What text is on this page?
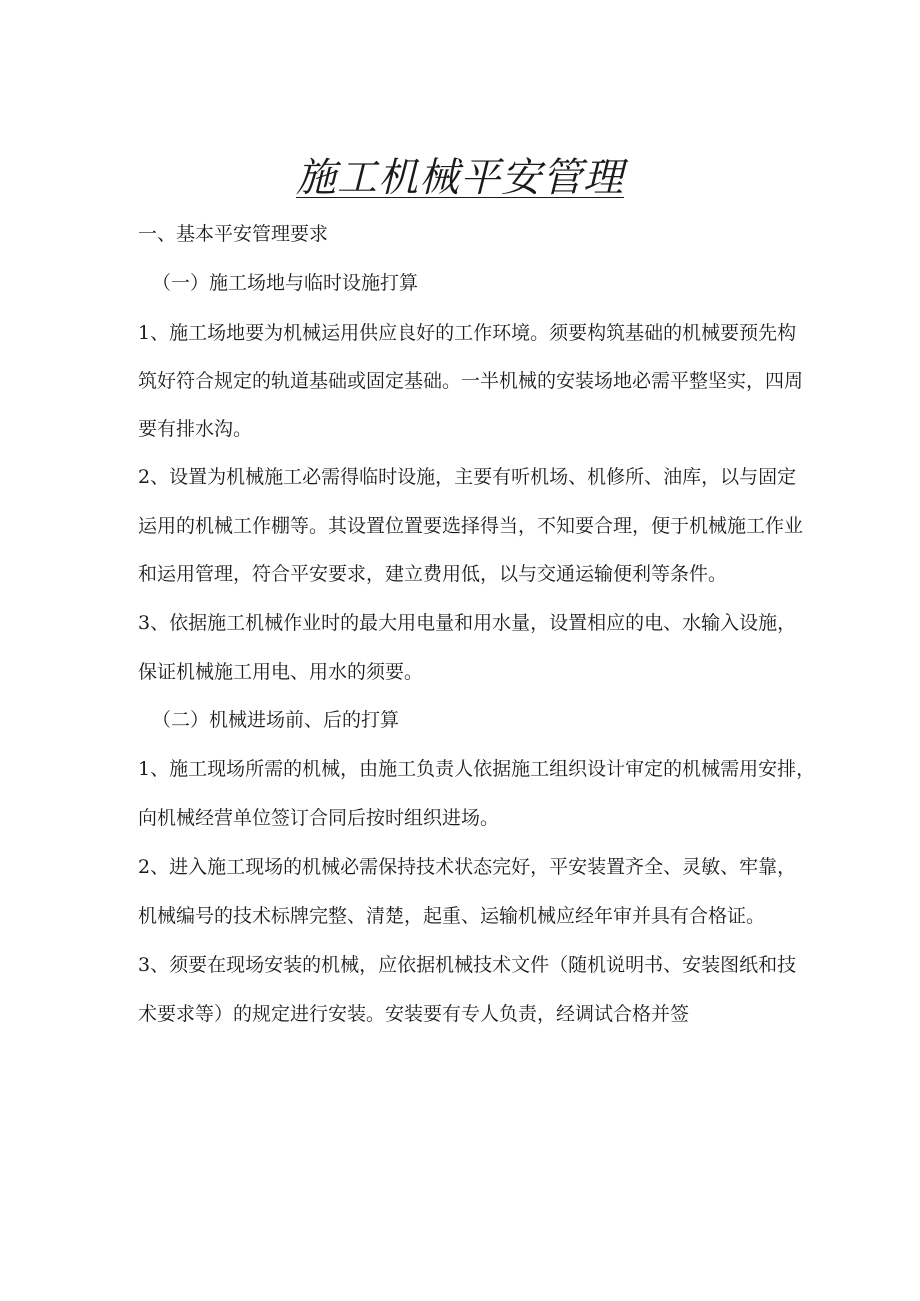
施工机械平安管理
一、基本平安管理要求
（一）施工场地与临时设施打算
1、施工场地要为机械运用供应良好的工作环境。须要构筑基础的机械要预先构
筑好符合规定的轨道基础或固定基础。一半机械的安装场地必需平整坚实，四周
要有排水沟。
2、设置为机械施工必需得临时设施，主要有听机场、机修所、油库，以与固定
运用的机械工作棚等。其设置位置要选择得当，不知要合理，便于机械施工作业
和运用管理，符合平安要求，建立费用低，以与交通运输便利等条件。
3、依据施工机械作业时的最大用电量和用水量，设置相应的电、水输入设施，
保证机械施工用电、用水的须要。
（二）机械进场前、后的打算
1、施工现场所需的机械，由施工负责人依据施工组织设计审定的机械需用安排，
向机械经营单位签订合同后按时组织进场。
2、进入施工现场的机械必需保持技术状态完好，平安装置齐全、灵敏、牢靠，
机械编号的技术标牌完整、清楚，起重、运输机械应经年审并具有合格证。
3、须要在现场安装的机械，应依据机械技术文件（随机说明书、安装图纸和技
术要求等）的规定进行安装。安装要有专人负责，经调试合格并签
